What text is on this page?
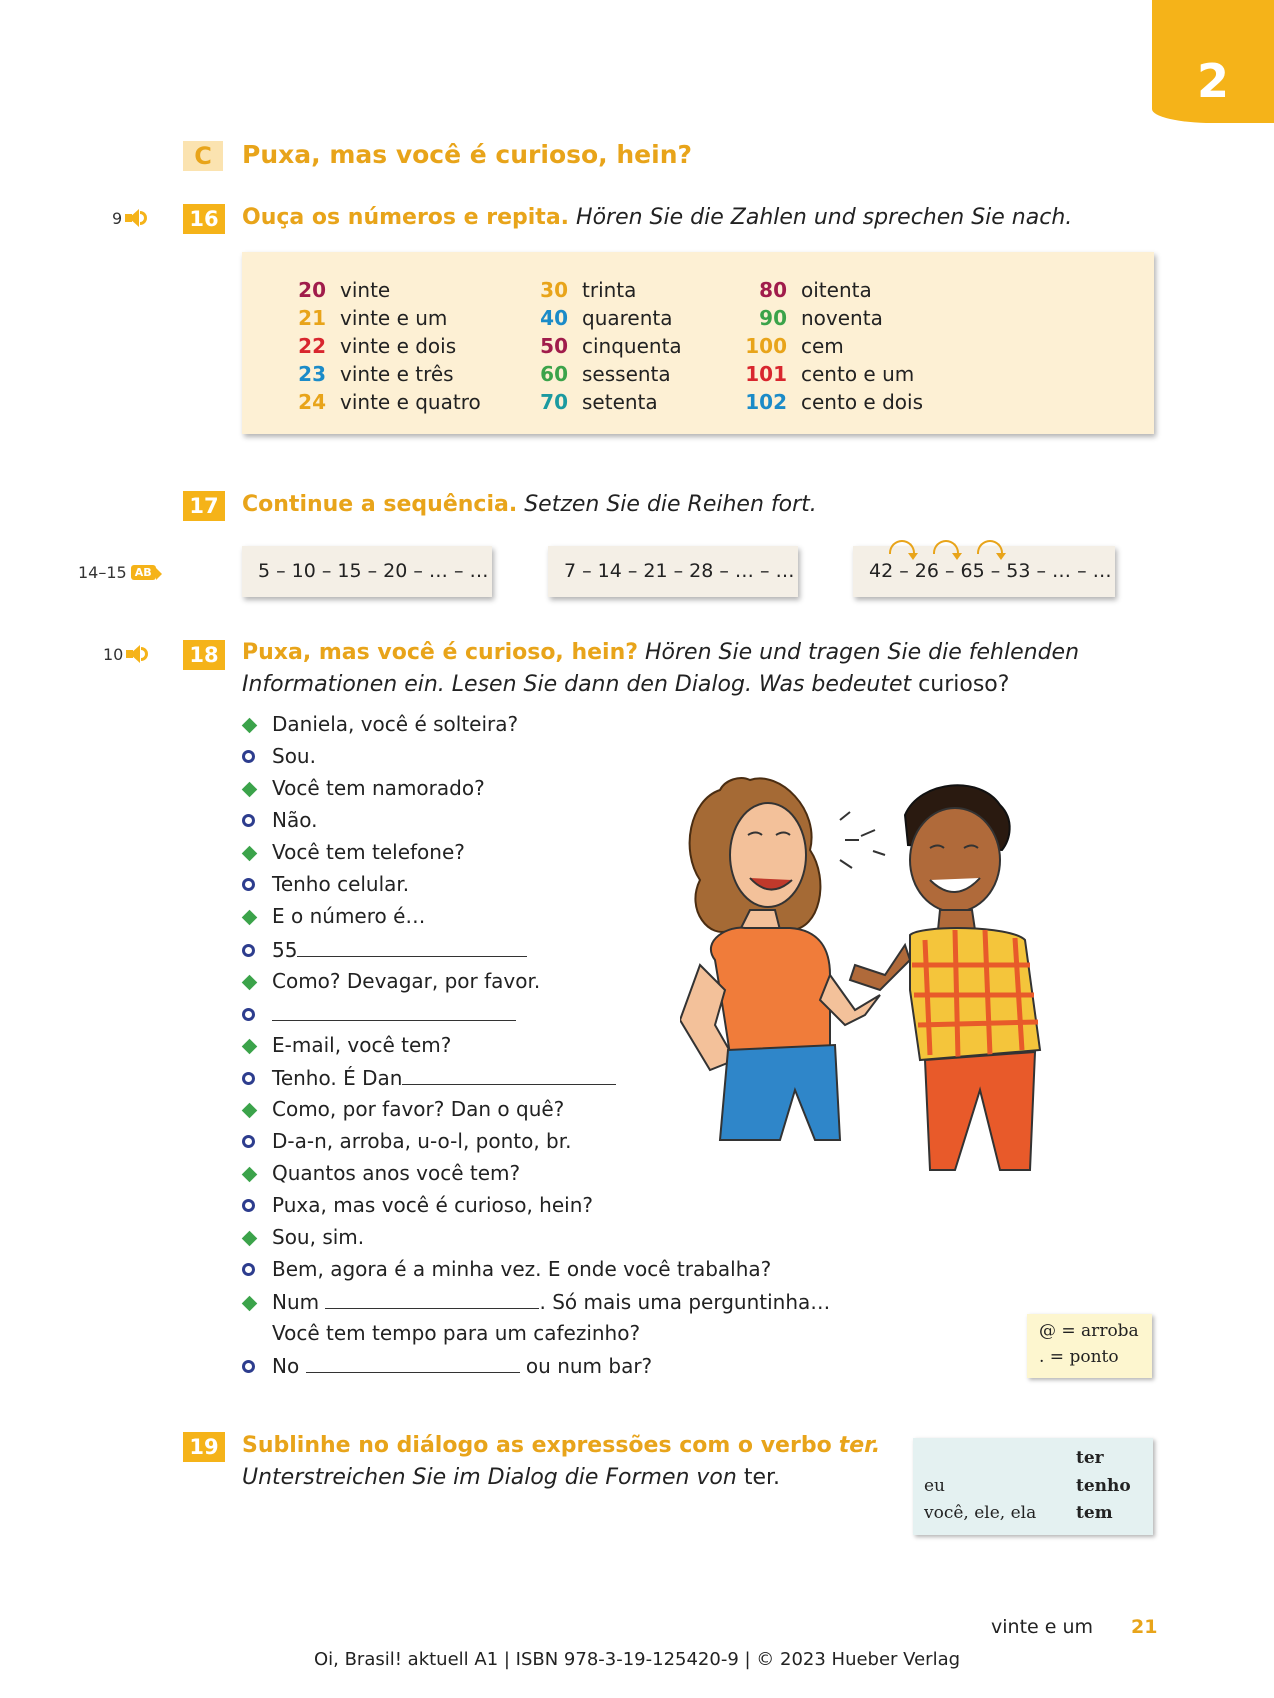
2
C	Puxa, mas você é curioso, hein?
9	16 Ouça os números e repita. Hören Sie die Zahlen und sprechen Sie nach.
20 vinte
21 vinte e um
22 vinte e dois
23 vinte e três
24 vinte e quatro
30 trinta
40 quarenta
50 cinquenta
60 sessenta
70 setenta
80 oitenta
90 noventa
100 cem
101 cento e um
102 cento e dois
17 Continue a sequência. Setzen Sie die Reihen fort.
14–15 AB	5 – 10 – 15 – 20 – … – …	7 – 14 – 21 – 28 – … – …	42 – 26 – 65 – 53 – … – …
10	18 Puxa, mas você é curioso, hein? Hören Sie und tragen Sie die fehlenden
Informationen ein. Lesen Sie dann den Dialog. Was bedeutet curioso?
Daniela, você é solteira?
Sou.
Você tem namorado?
Não.
Você tem telefone?
Tenho celular.
E o número é…
55
Como? Devagar, por favor.
E-mail, você tem?
Tenho. É Dan
Como, por favor? Dan o quê?
D-a-n, arroba, u-o-l, ponto, br.
Quantos anos você tem?
Puxa, mas você é curioso, hein?
Sou, sim.
Bem, agora é a minha vez. E onde você trabalha?
Num
	. Só mais uma perguntinha…
Você tem tempo para um cafezinho?
No

	ou num bar?
@ = arroba
. = ponto
19 Sublinhe no diálogo as expressões com o verbo ter.
Unterstreichen Sie im Dialog die Formen von ter.
ter
eu	tenho
você, ele, ela tem
vinte e um 21
Oi, Brasil! aktuell A1 | ISBN 978-3-19-125420-9 | © 2023 Hueber Verlag
